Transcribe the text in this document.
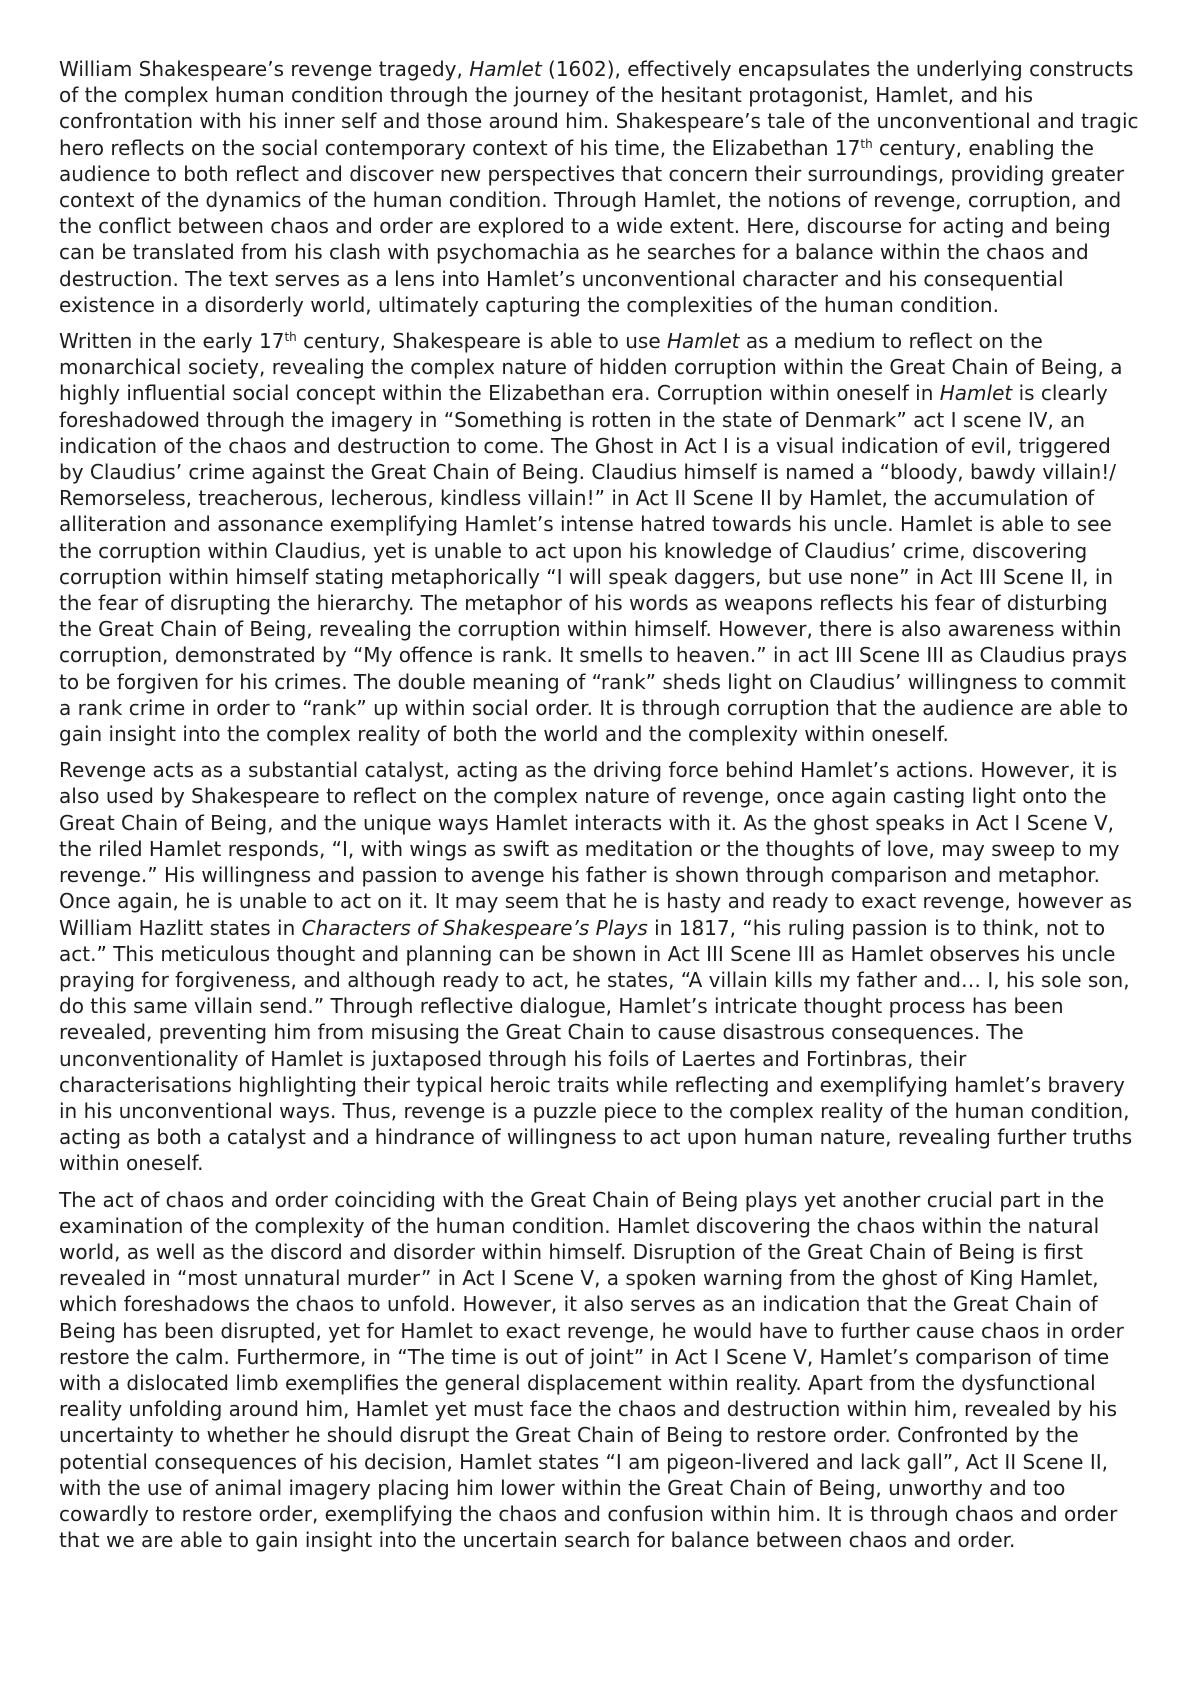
William Shakespeare’s revenge tragedy, Hamlet (1602), effectively encapsulates the underlying constructs of the complex human condition through the journey of the hesitant protagonist, Hamlet, and his confrontation with his inner self and those around him. Shakespeare’s tale of the unconventional and tragic hero reflects on the social contemporary context of his time, the Elizabethan 17th century, enabling the audience to both reflect and discover new perspectives that concern their surroundings, providing greater context of the dynamics of the human condition. Through Hamlet, the notions of revenge, corruption, and the conflict between chaos and order are explored to a wide extent. Here, discourse for acting and being can be translated from his clash with psychomachia as he searches for a balance within the chaos and destruction. The text serves as a lens into Hamlet’s unconventional character and his consequential existence in a disorderly world, ultimately capturing the complexities of the human condition.

Written in the early 17th century, Shakespeare is able to use Hamlet as a medium to reflect on the monarchical society, revealing the complex nature of hidden corruption within the Great Chain of Being, a highly influential social concept within the Elizabethan era. Corruption within oneself in Hamlet is clearly foreshadowed through the imagery in “Something is rotten in the state of Denmark” act I scene IV, an indication of the chaos and destruction to come. The Ghost in Act I is a visual indication of evil, triggered by Claudius’ crime against the Great Chain of Being. Claudius himself is named a “bloody, bawdy villain!/ Remorseless, treacherous, lecherous, kindless villain!” in Act II Scene II by Hamlet, the accumulation of alliteration and assonance exemplifying Hamlet’s intense hatred towards his uncle. Hamlet is able to see the corruption within Claudius, yet is unable to act upon his knowledge of Claudius’ crime, discovering corruption within himself stating metaphorically “I will speak daggers, but use none” in Act III Scene II, in the fear of disrupting the hierarchy. The metaphor of his words as weapons reflects his fear of disturbing the Great Chain of Being, revealing the corruption within himself. However, there is also awareness within corruption, demonstrated by “My offence is rank. It smells to heaven.” in act III Scene III as Claudius prays to be forgiven for his crimes. The double meaning of “rank” sheds light on Claudius’ willingness to commit a rank crime in order to “rank” up within social order. It is through corruption that the audience are able to gain insight into the complex reality of both the world and the complexity within oneself.

Revenge acts as a substantial catalyst, acting as the driving force behind Hamlet’s actions. However, it is also used by Shakespeare to reflect on the complex nature of revenge, once again casting light onto the Great Chain of Being, and the unique ways Hamlet interacts with it. As the ghost speaks in Act I Scene V, the riled Hamlet responds, “I, with wings as swift as meditation or the thoughts of love, may sweep to my revenge.” His willingness and passion to avenge his father is shown through comparison and metaphor. Once again, he is unable to act on it. It may seem that he is hasty and ready to exact revenge, however as William Hazlitt states in Characters of Shakespeare’s Plays in 1817, “his ruling passion is to think, not to act.” This meticulous thought and planning can be shown in Act III Scene III as Hamlet observes his uncle praying for forgiveness, and although ready to act, he states, “A villain kills my father and… I, his sole son, do this same villain send.” Through reflective dialogue, Hamlet’s intricate thought process has been revealed, preventing him from misusing the Great Chain to cause disastrous consequences. The unconventionality of Hamlet is juxtaposed through his foils of Laertes and Fortinbras, their characterisations highlighting their typical heroic traits while reflecting and exemplifying hamlet’s bravery in his unconventional ways. Thus, revenge is a puzzle piece to the complex reality of the human condition, acting as both a catalyst and a hindrance of willingness to act upon human nature, revealing further truths within oneself.

The act of chaos and order coinciding with the Great Chain of Being plays yet another crucial part in the examination of the complexity of the human condition. Hamlet discovering the chaos within the natural world, as well as the discord and disorder within himself. Disruption of the Great Chain of Being is first revealed in “most unnatural murder” in Act I Scene V, a spoken warning from the ghost of King Hamlet, which foreshadows the chaos to unfold. However, it also serves as an indication that the Great Chain of Being has been disrupted, yet for Hamlet to exact revenge, he would have to further cause chaos in order restore the calm. Furthermore, in “The time is out of joint” in Act I Scene V, Hamlet’s comparison of time with a dislocated limb exemplifies the general displacement within reality. Apart from the dysfunctional reality unfolding around him, Hamlet yet must face the chaos and destruction within him, revealed by his uncertainty to whether he should disrupt the Great Chain of Being to restore order. Confronted by the potential consequences of his decision, Hamlet states “I am pigeon-livered and lack gall”, Act II Scene II, with the use of animal imagery placing him lower within the Great Chain of Being, unworthy and too cowardly to restore order, exemplifying the chaos and confusion within him. It is through chaos and order that we are able to gain insight into the uncertain search for balance between chaos and order.
